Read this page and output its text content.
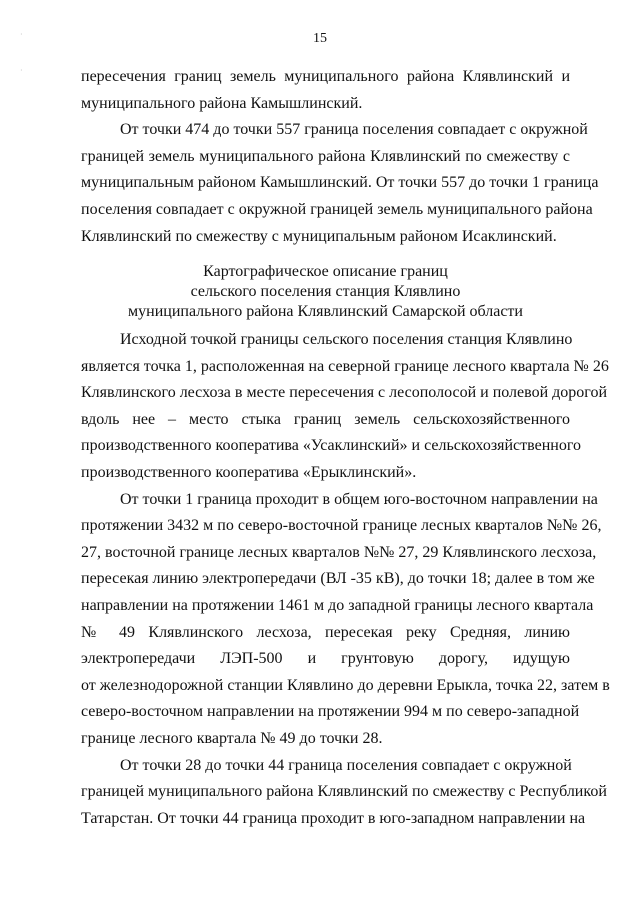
·

·
15
пересечения границ земель муниципального района Клявлинский и
муниципального района Камышлинский.
От точки 474 до точки 557 граница поселения совпадает с окружной
границей земель муниципального района Клявлинский по смежеству с
муниципальным районом Камышлинский. От точки 557 до точки 1 граница
поселения совпадает с окружной границей земель муниципального района
Клявлинский по смежеству с муниципальным районом Исаклинский.
Картографическое описание границ
сельского поселения станция Клявлино
муниципального района Клявлинский Самарской области
Исходной точкой границы сельского поселения станция Клявлино
является точка 1, расположенная на северной границе лесного квартала № 26
Клявлинского лесхоза в месте пересечения с лесополосой и полевой дорогой
вдоль нее – место стыка границ земель сельскохозяйственного
производственного кооператива «Усаклинский» и сельскохозяйственного
производственного кооператива «Ерыклинский».
От точки 1 граница проходит в общем юго-восточном направлении на
протяжении 3432 м по северо-восточной границе лесных кварталов №№ 26,
27, восточной границе лесных кварталов №№ 27, 29 Клявлинского лесхоза,
пересекая линию электропередачи (ВЛ -35 кВ), до точки 18; далее в том же
направлении на протяжении 1461 м до западной границы лесного квартала
№ 49 Клявлинского лесхоза, пересекая реку Средняя, линию
электропередачи ЛЭП-500 и грунтовую дорогу, идущую
от железнодорожной станции Клявлино до деревни Ерыкла, точка 22, затем в
северо-восточном направлении на протяжении 994 м по северо-западной
границе лесного квартала № 49 до точки 28.
От точки 28 до точки 44 граница поселения совпадает с окружной
границей муниципального района Клявлинский по смежеству с Республикой
Татарстан. От точки 44 граница проходит в юго-западном направлении на
